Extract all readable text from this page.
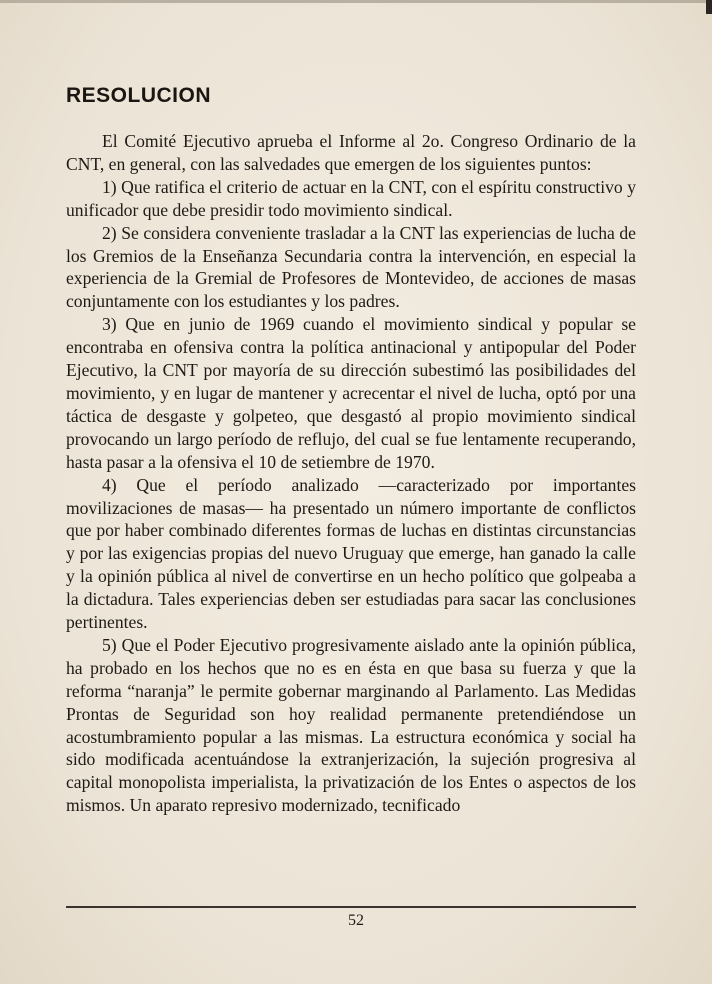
RESOLUCION

El Comité Ejecutivo aprueba el Informe al 2o. Congreso Ordinario de la CNT, en general, con las salvedades que emergen de los siguientes puntos:

1) Que ratifica el criterio de actuar en la CNT, con el espíritu constructivo y unificador que debe presidir todo movimiento sindical.

2) Se considera conveniente trasladar a la CNT las experiencias de lucha de los Gremios de la Enseñanza Secundaria contra la intervención, en especial la experiencia de la Gremial de Profesores de Montevideo, de acciones de masas conjuntamente con los estudiantes y los padres.

3) Que en junio de 1969 cuando el movimiento sindical y popular se encontraba en ofensiva contra la política antinacional y antipopular del Poder Ejecutivo, la CNT por mayoría de su dirección subestimó las posibilidades del movimiento, y en lugar de mantener y acrecentar el nivel de lucha, optó por una táctica de desgaste y golpeteo, que desgastó al propio movimiento sindical provocando un largo período de reflujo, del cual se fue lentamente recuperando, hasta pasar a la ofensiva el 10 de setiembre de 1970.

4) Que el período analizado —caracterizado por importantes movilizaciones de masas— ha presentado un número importante de conflictos que por haber combinado diferentes formas de luchas en distintas circunstancias y por las exigencias propias del nuevo Uruguay que emerge, han ganado la calle y la opinión pública al nivel de convertirse en un hecho político que golpeaba a la dictadura. Tales experiencias deben ser estudiadas para sacar las conclusiones pertinentes.

5) Que el Poder Ejecutivo progresivamente aislado ante la opinión pública, ha probado en los hechos que no es en ésta en que basa su fuerza y que la reforma “naranja” le permite gobernar marginando al Parlamento. Las Medidas Prontas de Seguridad son hoy realidad permanente pretendiéndose un acostumbramiento popular a las mismas. La estructura económica y social ha sido modificada acentuándose la extranjerización, la sujeción progresiva al capital monopolista imperialista, la privatización de los Entes o aspectos de los mismos. Un aparato represivo modernizado, tecnificado

52
